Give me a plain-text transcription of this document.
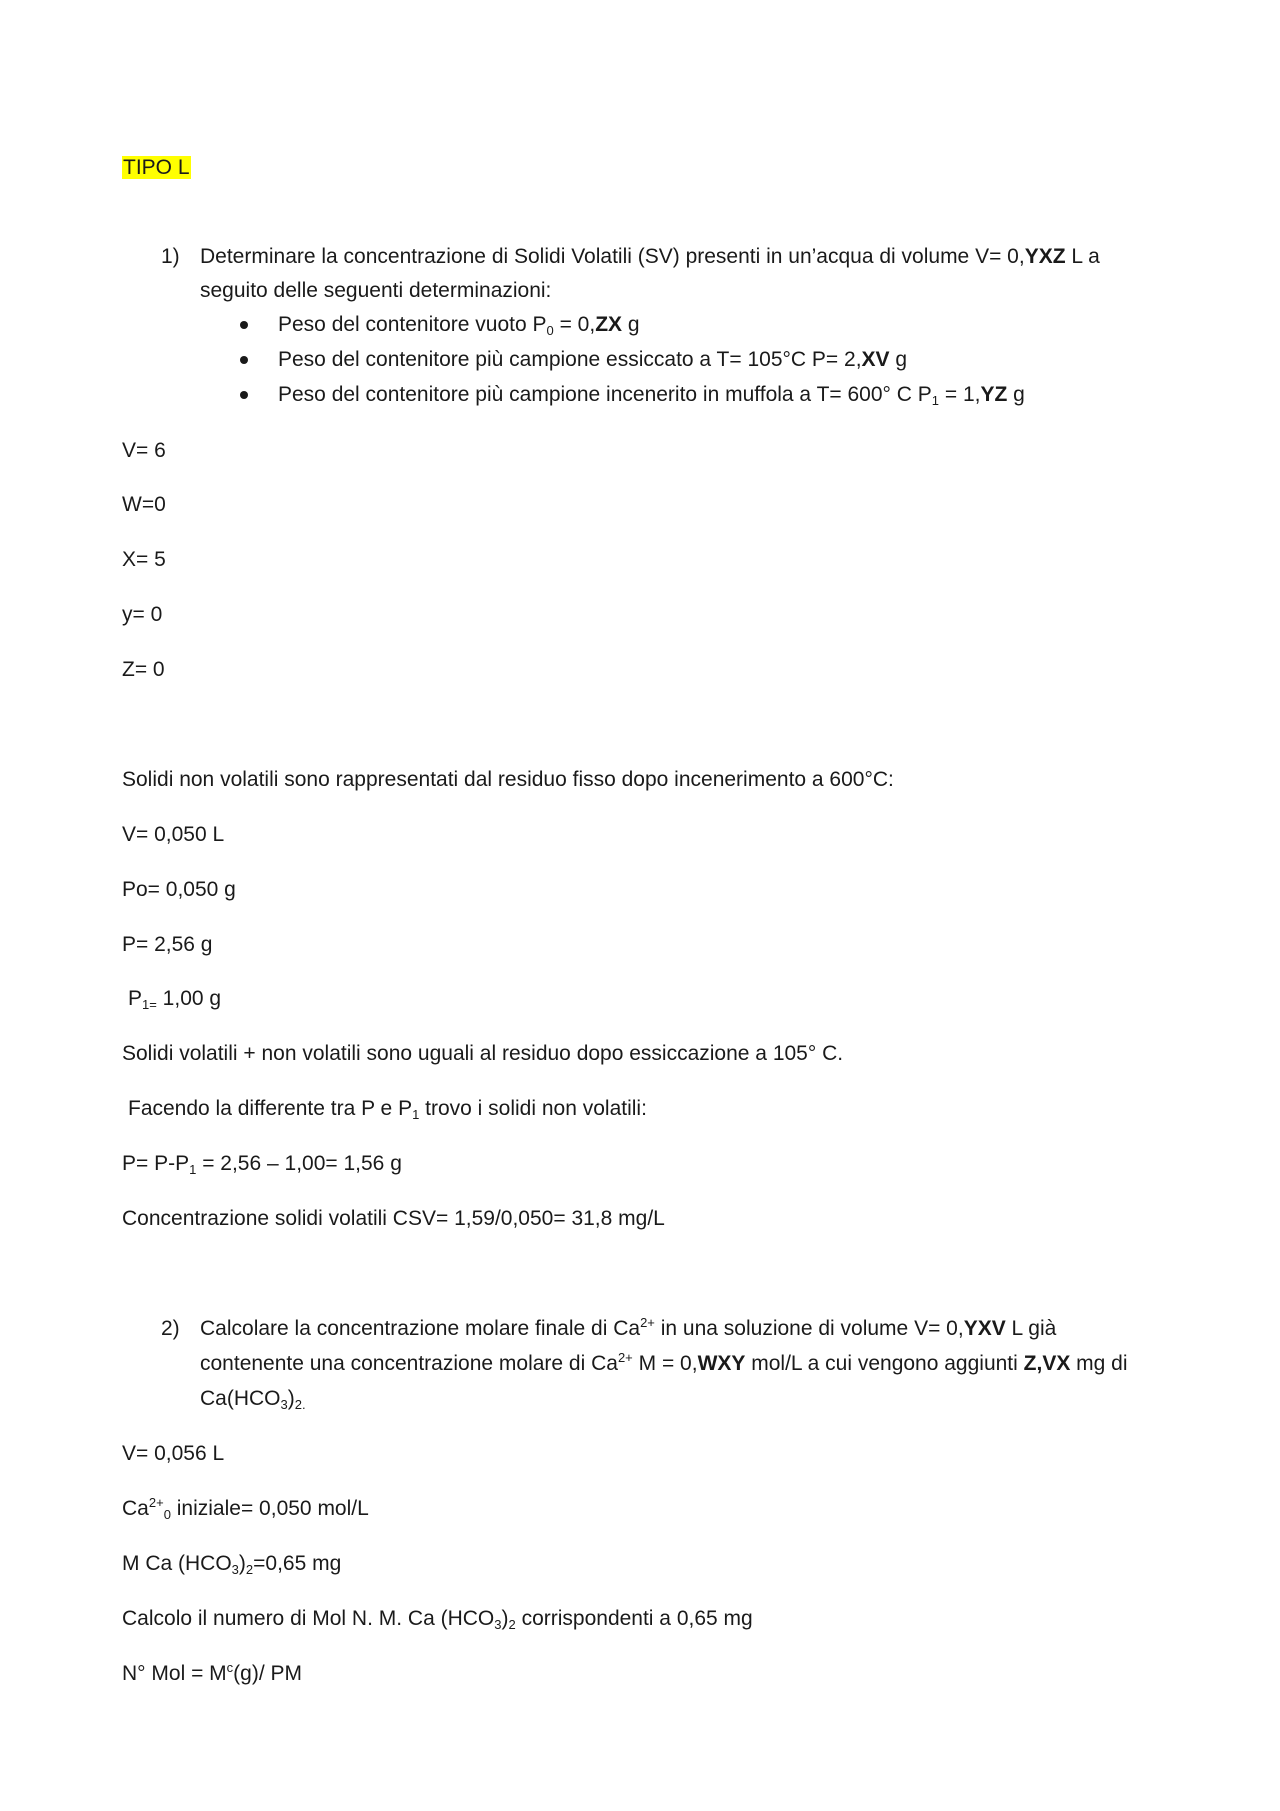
TIPO L
1) Determinare la concentrazione di Solidi Volatili (SV) presenti in un’acqua di volume V= 0,YXZ L a
seguito delle seguenti determinazioni:
Peso del contenitore vuoto $P_0 = 0,ZX$ g
Peso del contenitore più campione essiccato a T= 105°C P= 2,XV g
Peso del contenitore più campione incenerito in muffola a T= 600° C $P_1 = 1,YZ$ g
V= 6
W=0
X= 5
y= 0
Z= 0
Solidi non volatili sono rappresentati dal residuo fisso dopo incenerimento a 600°C:
V= 0,050 L
Po= 0,050 g
P= 2,56 g
$P_{1=}$ 1,00 g
Solidi volatili + non volatili sono uguali al residuo dopo essiccazione a 105° C.
Facendo la differente tra P e $P_1$ trovo i solidi non volatili:
$P= P-P_1 = 2,56 - 1,00= 1,56$ g
Concentrazione solidi volatili CSV= 1,59/0,050= 31,8 mg/L
2) Calcolare la concentrazione molare finale di $Ca^{2+}$ in una soluzione di volume V= 0,YXV L già
contenente una concentrazione molare di $Ca^{2+}$ M = 0,WXY mol/L a cui vengono aggiunti Z,VX mg di
$Ca(HCO_3)_{2.}$
V= 0,056 L
$Ca^{2+}_0$ iniziale= 0,050 mol/L
M Ca $(HCO_3)_2=0,65$ mg
Calcolo il numero di Mol N. M. Ca $(HCO_3)_2$ corrispondenti a 0,65 mg
N° Mol = $M^c(g)/$ PM
